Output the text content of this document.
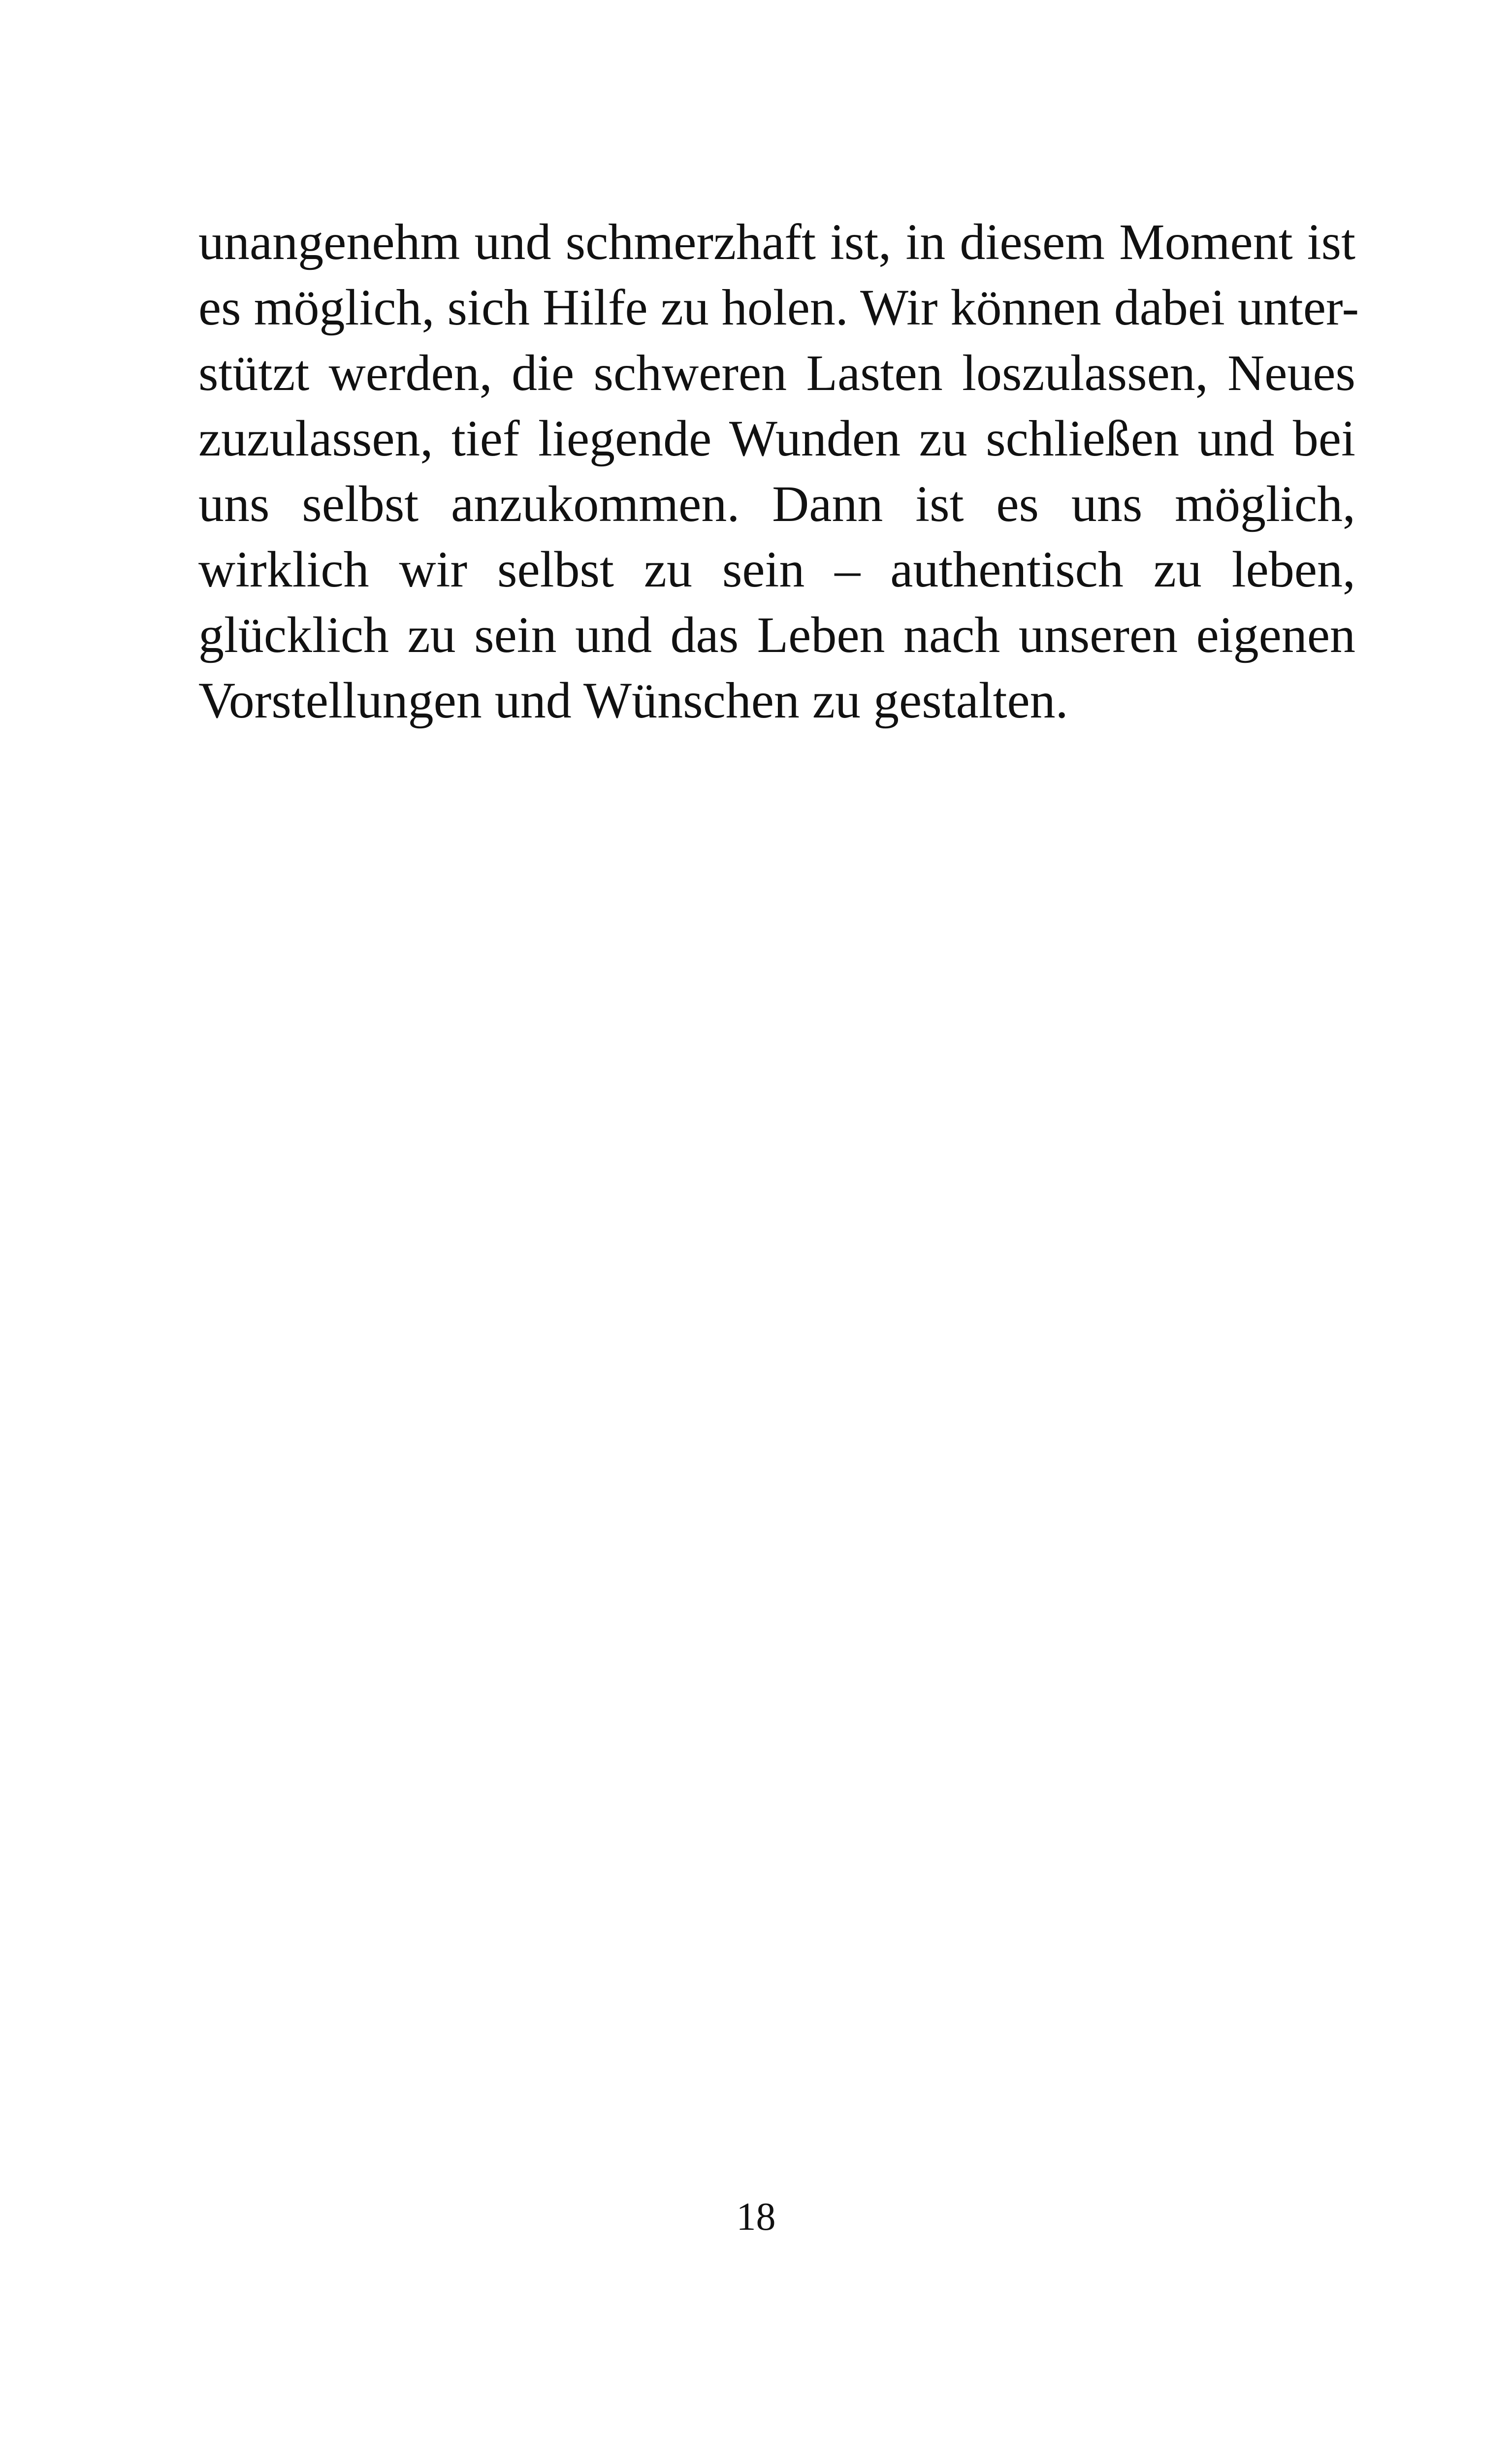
unangenehm und schmerzhaft ist, in diesem Moment ist
es möglich, sich Hilfe zu holen. Wir können dabei unter-
stützt werden, die schweren Lasten loszulassen, Neues
zuzulassen, tief liegende Wunden zu schließen und bei
uns selbst anzukommen. Dann ist es uns möglich,
wirklich wir selbst zu sein – authentisch zu leben,
glücklich zu sein und das Leben nach unseren eigenen
Vorstellungen und Wünschen zu gestalten.
18
